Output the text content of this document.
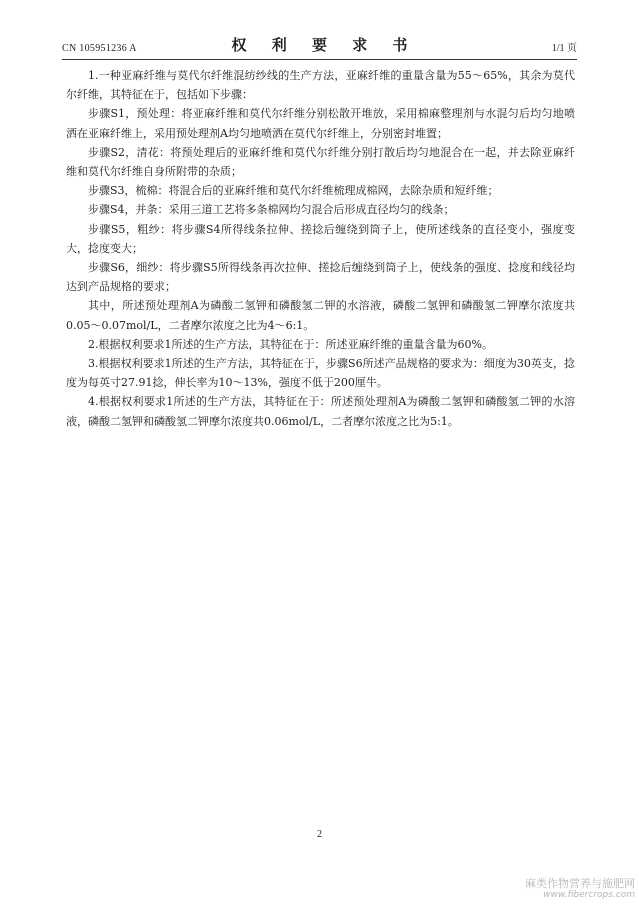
CN 105951236 A	权 利 要 求 书	1/1 页

1.一种亚麻纤维与莫代尔纤维混纺纱线的生产方法，亚麻纤维的重量含量为55～65%，其余为莫代尔纤维，其特征在于，包括如下步骤：

步骤S1，预处理：将亚麻纤维和莫代尔纤维分别松散开堆放，采用棉麻整理剂与水混匀后均匀地喷洒在亚麻纤维上，采用预处理剂A均匀地喷洒在莫代尔纤维上，分别密封堆置；

步骤S2，清花：将预处理后的亚麻纤维和莫代尔纤维分别打散后均匀地混合在一起，并去除亚麻纤维和莫代尔纤维自身所附带的杂质；

步骤S3，梳棉：将混合后的亚麻纤维和莫代尔纤维梳理成棉网，去除杂质和短纤维；

步骤S4，并条：采用三道工艺将多条棉网均匀混合后形成直径均匀的线条；

步骤S5，粗纱：将步骤S4所得线条拉伸、搓捻后缠绕到筒子上，使所述线条的直径变小，强度变大，捻度变大；

步骤S6，细纱：将步骤S5所得线条再次拉伸、搓捻后缠绕到筒子上，使线条的强度、捻度和线径均达到产品规格的要求；

其中，所述预处理剂A为磷酸二氢钾和磷酸氢二钾的水溶液，磷酸二氢钾和磷酸氢二钾摩尔浓度共0.05～0.07mol/L，二者摩尔浓度之比为4～6:1。

2.根据权利要求1所述的生产方法，其特征在于：所述亚麻纤维的重量含量为60%。

3.根据权利要求1所述的生产方法，其特征在于，步骤S6所述产品规格的要求为：细度为30英支，捻度为每英寸27.91捻，伸长率为10～13%，强度不低于200厘牛。

4.根据权利要求1所述的生产方法，其特征在于：所述预处理剂A为磷酸二氢钾和磷酸氢二钾的水溶液，磷酸二氢钾和磷酸氢二钾摩尔浓度共0.06mol/L，二者摩尔浓度之比为5:1。

2
麻类作物营养与施肥网
www.fibercrops.com
